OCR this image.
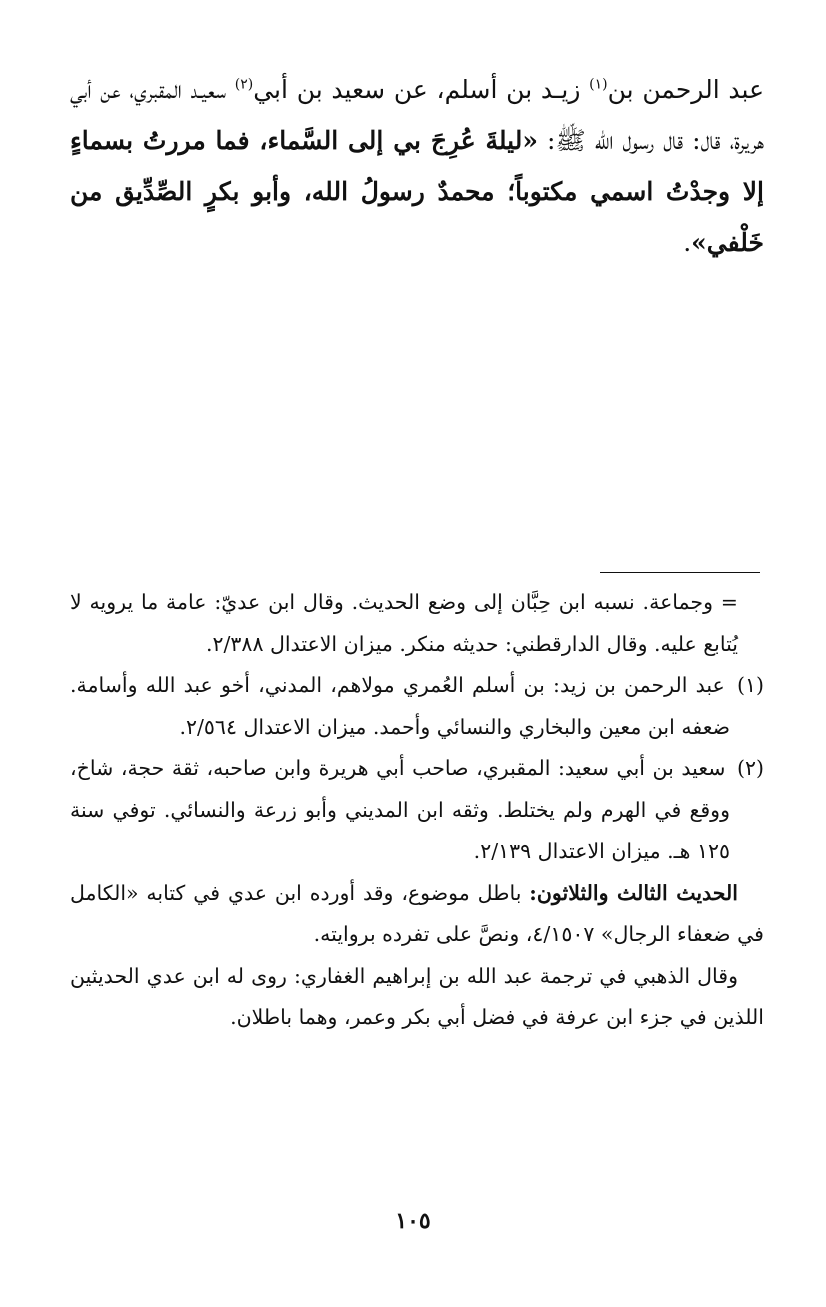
عبد الرحمن بن$^{(١)}$ زيـد بن أسلم، عن سعيد بن أبي$^{(٢)}$ سعيـد المقبري، عن أبي هريرة، قال: قال رسول الله ﷺ: «ليلةَ عُرِجَ بي إلى السَّماء، فما مررتُ بسماءٍ إلا وجدْتُ اسمي مكتوباً؛ محمدٌ رسولُ الله، وأبو بكرٍ الصِّدِّيق من خَلْفي».

= وجماعة. نسبه ابن حِبَّان إلى وضع الحديث. وقال ابن عديّ: عامة ما يرويه لا يُتابع عليه. وقال الدارقطني: حديثه منكر. ميزان الاعتدال ٢/٣٨٨.

(١) عبد الرحمن بن زيد: بن أسلم العُمري مولاهم، المدني، أخو عبد الله وأسامة. ضعفه ابن معين والبخاري والنسائي وأحمد. ميزان الاعتدال ٢/٥٦٤.

(٢) سعيد بن أبي سعيد: المقبري، صاحب أبي هريرة وابن صاحبه، ثقة حجة، شاخ، ووقع في الهرم ولم يختلط. وثقه ابن المديني وأبو زرعة والنسائي. توفي سنة ١٢٥ هـ. ميزان الاعتدال ٢/١٣٩.

الحديث الثالث والثلاثون: باطل موضوع، وقد أورده ابن عدي في كتابه «الكامل في ضعفاء الرجال» ٤/١٥٠٧، ونصَّ على تفرده بروايته.

وقال الذهبي في ترجمة عبد الله بن إبراهيم الغفاري: روى له ابن عدي الحديثين اللذين في جزء ابن عرفة في فضل أبي بكر وعمر، وهما باطلان.

١٠٥
